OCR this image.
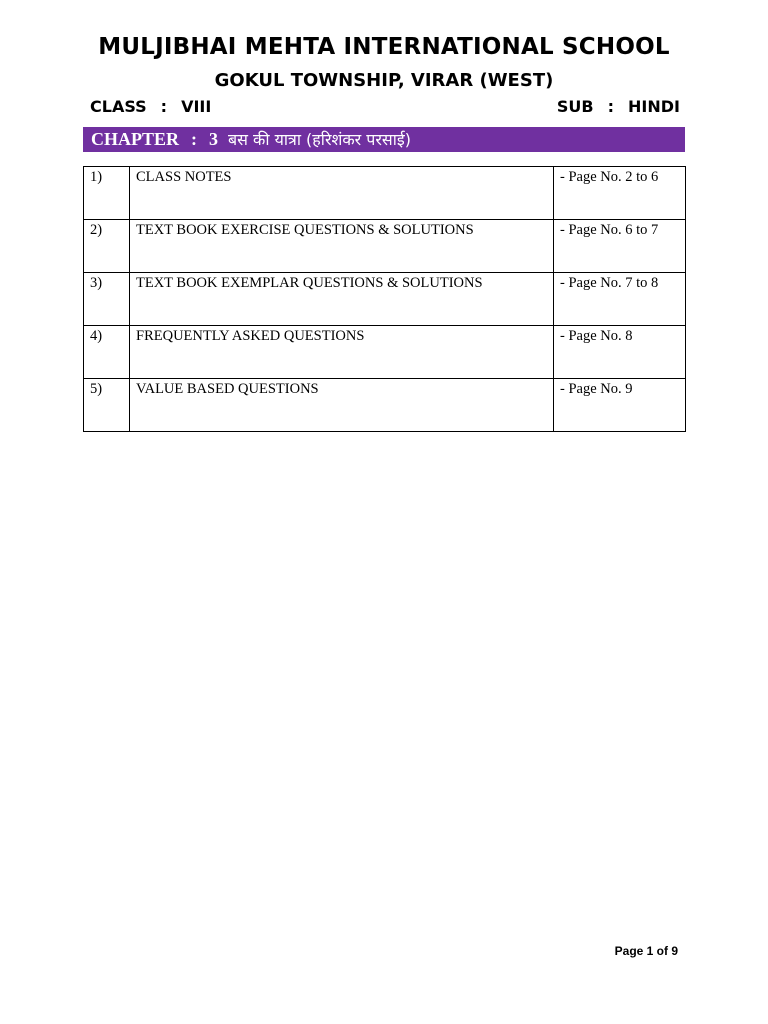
MULJIBHAI MEHTA INTERNATIONAL SCHOOL
GOKUL TOWNSHIP, VIRAR (WEST)
CLASS : VIII	SUB : HINDI
CHAPTER : 3 बस की यात्रा (हरिशंकर परसाई)
1)	CLASS NOTES	- Page No. 2 to 6
2)	TEXT BOOK EXERCISE QUESTIONS & SOLUTIONS	- Page No. 6 to 7
3)	TEXT BOOK EXEMPLAR QUESTIONS & SOLUTIONS	- Page No. 7 to 8
4)	FREQUENTLY ASKED QUESTIONS	- Page No. 8
5)	VALUE BASED QUESTIONS	- Page No. 9
Page 1 of 9
